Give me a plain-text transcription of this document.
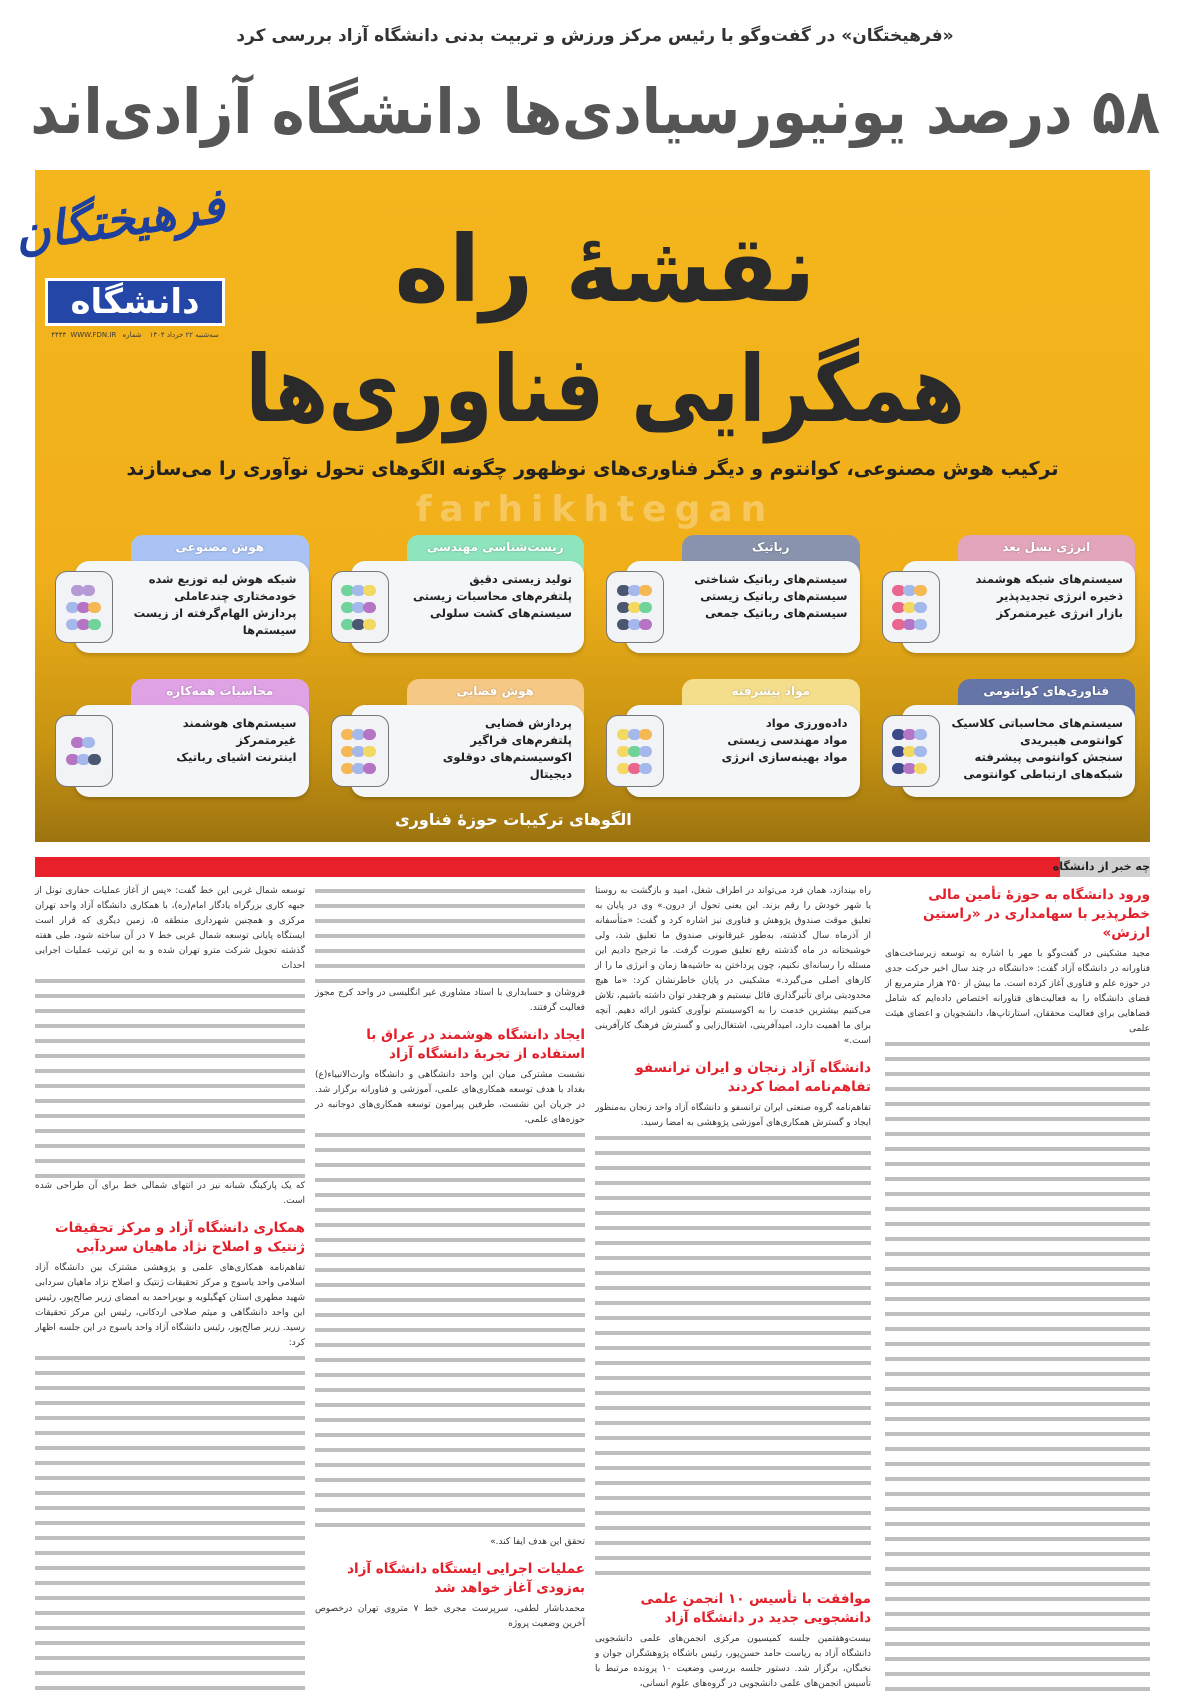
«فرهیختگان» در گفت‌وگو با رئیس مرکز ورزش و تربیت بدنی دانشگاه آزاد بررسی کرد
۵۸ درصد یونیورسیادی‌ها دانشگاه آزادی‌اند
farhikhtegan
فرهیختگان
دانشگاه
سه‌شنبه ۲۲ خرداد ۱۴۰۴شماره ۴۴۴۴WWW.FDN.IR
نقشهٔ راه
همگرایی فناوری‌ها
ترکیب هوش مصنوعی، کوانتوم و دیگر فناوری‌های نوظهور چگونه الگوهای تحول نوآوری را می‌سازند
انرژی نسل بعد
سیستم‌های شبکه هوشمند
ذخیره انرژی تجدیدپذیر
بازار انرژی غیرمتمرکز
رباتیک
سیستم‌های رباتیک شناختی
سیستم‌های رباتیک زیستی
سیستم‌های رباتیک جمعی
زیست‌شناسی مهندسی
تولید زیستی دقیق
پلتفرم‌های محاسبات زیستی
سیستم‌های کشت سلولی
هوش مصنوعی
شبکه هوش لبه توزیع شده
خودمختاری چندعاملی
پردازش الهام‌گرفته از زیست سیستم‌ها
فناوری‌های کوانتومی
سیستم‌های محاسباتی کلاسیک کوانتومی هیبریدی
سنجش کوانتومی پیشرفته
شبکه‌های ارتباطی کوانتومی
مواد پیشرفته
داده‌ورزی مواد
مواد مهندسی زیستی
مواد بهینه‌سازی انرژی
هوش فضایی
پردازش فضایی
پلتفرم‌های فراگیر
اکوسیستم‌های دوقلوی دیجیتال
محاسبات همه‌کاره
سیستم‌های هوشمند غیرمتمرکز
اینترنت اشیای رباتیک
الگوهای ترکیبات حوزهٔ فناوری
چه خبر از دانشگاه
ورود دانشگاه به حوزهٔ تأمین مالی خطرپذیر با سهامداری در «راستین ارزش»
مجید مشکینی در گفت‌وگو با مهر با اشاره به توسعه زیرساخت‌های فناورانه در دانشگاه آزاد گفت: «دانشگاه در چند سال اخیر حرکت جدی در حوزه علم و فناوری آغاز کرده است. ما بیش از ۲۵۰ هزار مترمربع از فضای دانشگاه را به فعالیت‌های فناورانه اختصاص داده‌ایم که شامل فضاهایی برای فعالیت محققان، استارتاپ‌ها، دانشجویان و اعضای هیئت علمی
راه بیندازد، همان فرد می‌تواند در اطراف شغل، امید و بازگشت به روستا یا شهر خودش را رقم بزند. این یعنی تحول از درون.» وی در پایان به تعلیق موقت صندوق پژوهش و فناوری نیز اشاره کرد و گفت: «متأسفانه از آذرماه سال گذشته، به‌طور غیرقانونی صندوق ما تعلیق شد، ولی خوشبختانه در ماه گذشته رفع تعلیق صورت گرفت. ما ترجیح دادیم این مسئله را رسانه‌ای نکنیم، چون پرداختن به حاشیه‌ها زمان و انرژی ما را از کارهای اصلی می‌گیرد.» مشکینی در پایان خاطرنشان کرد: «ما هیچ محدودیتی برای تأثیرگذاری قائل نیستیم و هرچقدر توان داشته باشیم، تلاش می‌کنیم بیشترین خدمت را به اکوسیستم نوآوری کشور ارائه دهیم. آنچه برای ما اهمیت دارد، امیدآفرینی، اشتغال‌زایی و گسترش فرهنگ کارآفرینی است.»
دانشگاه آزاد زنجان و ایران ترانسفو تفاهم‌نامه امضا کردند
تفاهم‌نامه گروه صنعتی ایران ترانسفو و دانشگاه آزاد واحد زنجان به‌منظور ایجاد و گسترش همکاری‌های آموزشی پژوهشی به امضا رسید.
موافقت با تأسیس ۱۰ انجمن علمی دانشجویی جدید در دانشگاه آزاد
بیست‌وهفتمین جلسه کمیسیون مرکزی انجمن‌های علمی دانشجویی دانشگاه آزاد به ریاست حامد حسن‌پور، رئیس باشگاه پژوهشگران جوان و نخبگان، برگزار شد. دستور جلسه بررسی وضعیت ۱۰ پرونده مرتبط با تأسیس انجمن‌های علمی دانشجویی در گروه‌های علوم انسانی،
فروشان و حسابداری با استاد مشاوری غیر انگلیسی در واحد کرج مجوز فعالیت گرفتند.
ایجاد دانشگاه هوشمند در عراق با استفاده از تجربهٔ دانشگاه آزاد
نشست مشترکی میان این واحد دانشگاهی و دانشگاه وارث‌الانبیاء(ع) بغداد با هدف توسعه همکاری‌های علمی، آموزشی و فناورانه برگزار شد. در جریان این نشست، طرفین پیرامون توسعه همکاری‌های دوجانبه در حوزه‌های علمی،
تحقق این هدف ایفا کند.»
عملیات اجرایی ایستگاه دانشگاه آزاد به‌زودی آغاز خواهد شد
محمدباشار لطفی، سرپرست مجری خط ۷ متروی تهران درخصوص آخرین وضعیت پروژه
توسعه شمال غربی این خط گفت: «پس از آغاز عملیات حفاری تونل از جبهه کاری بزرگراه یادگار امام(ره)، با همکاری دانشگاه آزاد واحد تهران مرکزی و همچنین شهرداری منطقه ۵، زمین دیگری که قرار است ایستگاه پایانی توسعه شمال غربی خط ۷ در آن ساخته شود، طی هفته گذشته تحویل شرکت مترو تهران شده و به این ترتیب عملیات اجرایی احداث
که یک پارکینگ شبانه نیز در انتهای شمالی خط برای آن طراحی شده است.
همکاری دانشگاه آزاد و مرکز تحقیقات ژنتیک و اصلاح نژاد ماهیان سردآبی
تفاهم‌نامه همکاری‌های علمی و پژوهشی مشترک بین دانشگاه آزاد اسلامی واحد یاسوج و مرکز تحقیقات ژنتیک و اصلاح نژاد ماهیان سردابی شهید مطهری استان کهگیلویه و بویراحمد به امضای زریر صالح‌پور، رئیس این واحد دانشگاهی و میثم صلاحی اردکانی، رئیس این مرکز تحقیقات رسید. زریر صالح‌پور، رئیس دانشگاه آزاد واحد یاسوج در این جلسه اظهار کرد:
